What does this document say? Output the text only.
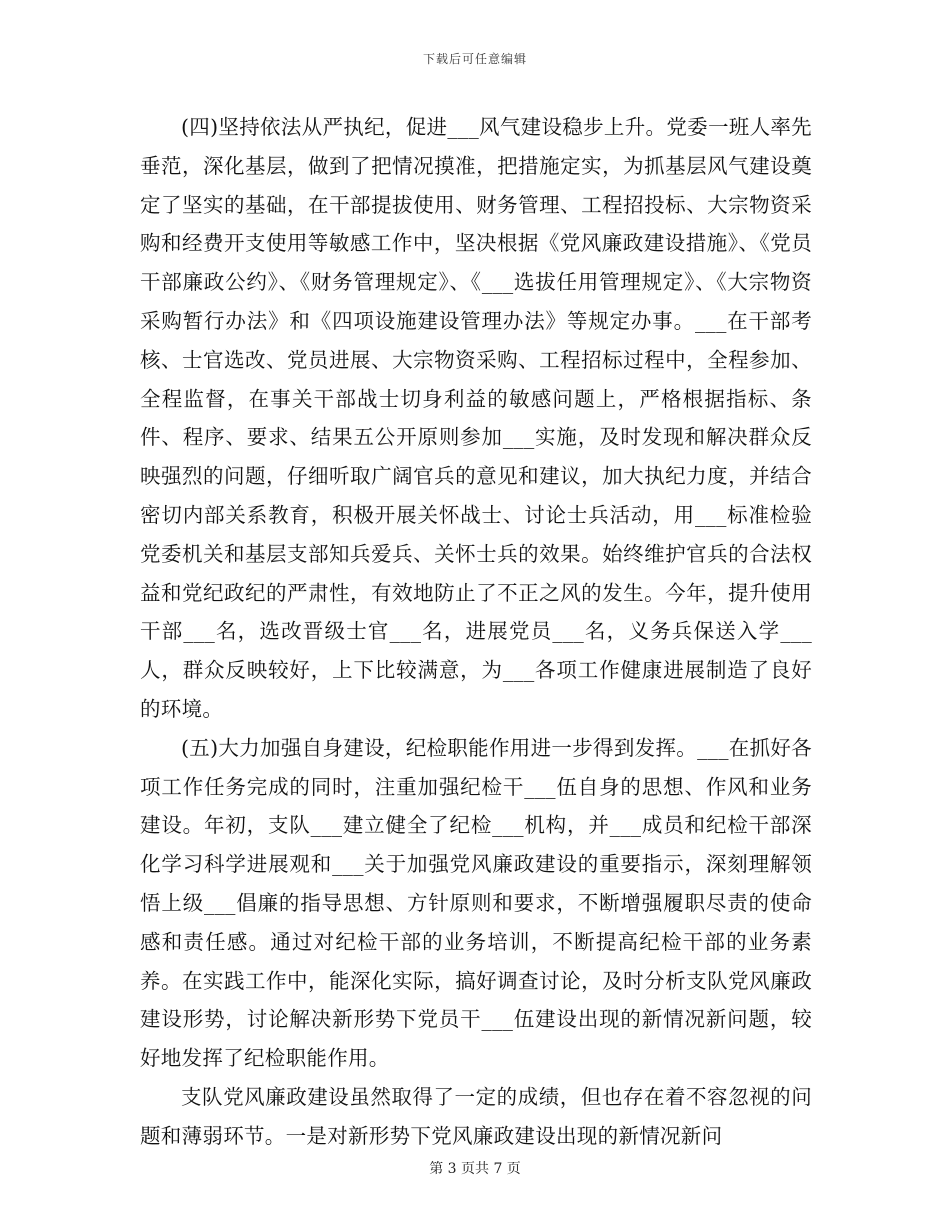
下载后可任意编辑

(四)坚持依法从严执纪，促进___风气建设稳步上升。党委一班人率先垂范，深化基层，做到了把情况摸准，把措施定实，为抓基层风气建设奠定了坚实的基础，在干部提拔使用、财务管理、工程招投标、大宗物资采购和经费开支使用等敏感工作中，坚决根据《党风廉政建设措施》、《党员干部廉政公约》、《财务管理规定》、《___选拔任用管理规定》、《大宗物资采购暂行办法》和《四项设施建设管理办法》等规定办事。___在干部考核、士官选改、党员进展、大宗物资采购、工程招标过程中，全程参加、全程监督，在事关干部战士切身利益的敏感问题上，严格根据指标、条件、程序、要求、结果五公开原则参加___实施，及时发现和解决群众反映强烈的问题，仔细听取广阔官兵的意见和建议，加大执纪力度，并结合密切内部关系教育，积极开展关怀战士、讨论士兵活动，用___标准检验党委机关和基层支部知兵爱兵、关怀士兵的效果。始终维护官兵的合法权益和党纪政纪的严肃性，有效地防止了不正之风的发生。今年，提升使用干部___名，选改晋级士官___名，进展党员___名，义务兵保送入学___人，群众反映较好，上下比较满意，为___各项工作健康进展制造了良好的环境。

(五)大力加强自身建设，纪检职能作用进一步得到发挥。___在抓好各项工作任务完成的同时，注重加强纪检干___伍自身的思想、作风和业务建设。年初，支队___建立健全了纪检___机构，并___成员和纪检干部深化学习科学进展观和___关于加强党风廉政建设的重要指示，深刻理解领悟上级___倡廉的指导思想、方针原则和要求，不断增强履职尽责的使命感和责任感。通过对纪检干部的业务培训，不断提高纪检干部的业务素养。在实践工作中，能深化实际，搞好调查讨论，及时分析支队党风廉政建设形势，讨论解决新形势下党员干___伍建设出现的新情况新问题，较好地发挥了纪检职能作用。

支队党风廉政建设虽然取得了一定的成绩，但也存在着不容忽视的问题和薄弱环节。一是对新形势下党风廉政建设出现的新情况新问

第 3 页共 7 页
